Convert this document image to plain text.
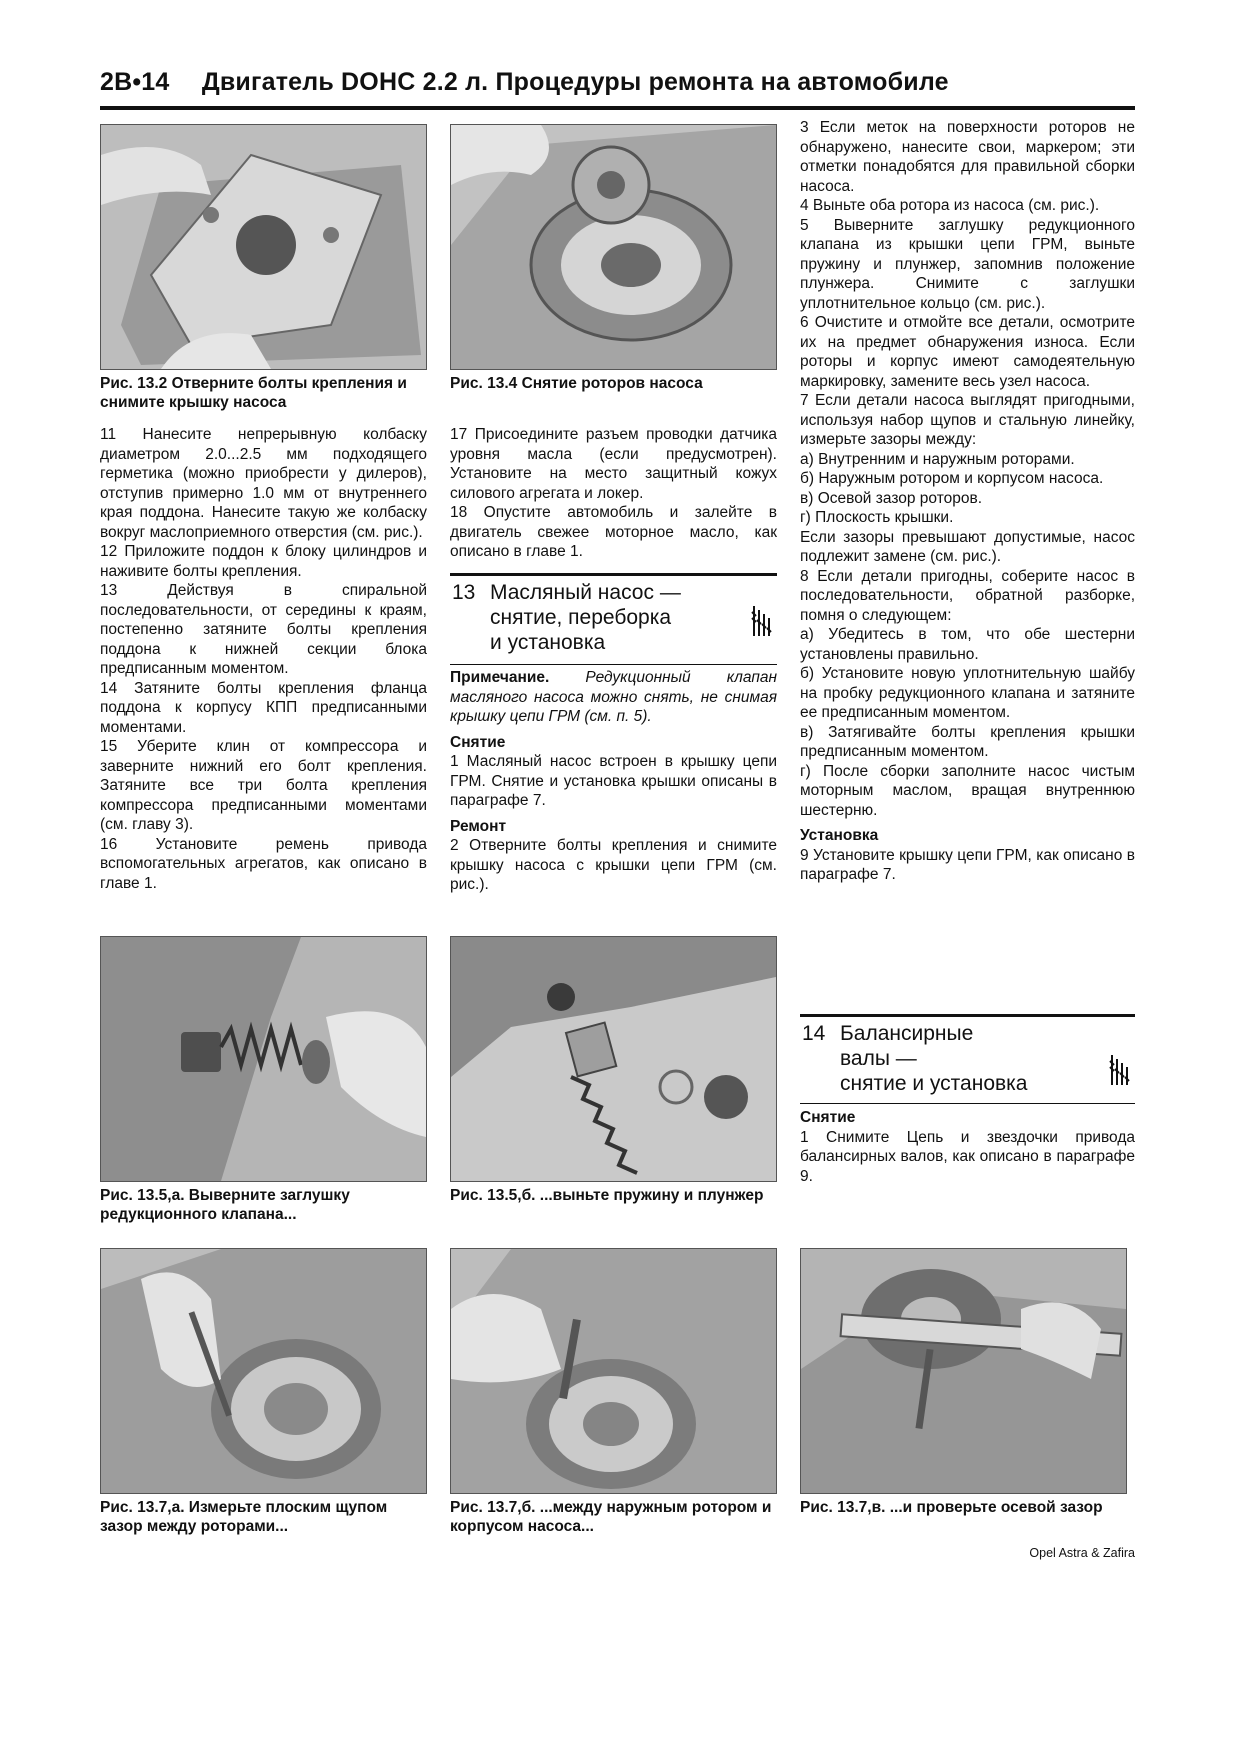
2B•14 Двигатель DOHC 2.2 л. Процедуры ремонта на автомобиле
Рис. 13.2 Отверните болты крепления и снимите крышку насоса
Рис. 13.4 Снятие роторов насоса

11 Нанесите непрерывную колбаску диаметром 2.0...2.5 мм подходящего герметика (можно приобрести у дилеров), отступив примерно 1.0 мм от внутреннего края поддона. Нанесите такую же колбаску вокруг маслоприемного отверстия (см. рис.).

12 Приложите поддон к блоку цилиндров и наживите болты крепления.

13 Действуя в спиральной последовательности, от середины к краям, постепенно затяните болты крепления поддона к нижней секции блока предписанным моментом.

14 Затяните болты крепления фланца поддона к корпусу КПП предписанными моментами.

15 Уберите клин от компрессора и заверните нижний его болт крепления. Затяните все три болта крепления компрессора предписанными моментами (см. главу 3).

16 Установите ремень привода вспомогательных агрегатов, как описано в главе 1.

17 Присоедините разъем проводки датчика уровня масла (если предусмотрен). Установите на место защитный кожух силового агрегата и локер.

18 Опустите автомобиль и залейте в двигатель свежее моторное масло, как описано в главе 1.

13 Масляный насос —
снятие, переборка
и установка

Примечание. Редукционный клапан масляного насоса можно снять, не снимая крышку цепи ГРМ (см. п. 5).

Снятие

1 Масляный насос встроен в крышку цепи ГРМ. Снятие и установка крышки описаны в параграфе 7.

Ремонт

2 Отверните болты крепления и снимите крышку насоса с крышки цепи ГРМ (см. рис.).

3 Если меток на поверхности роторов не обнаружено, нанесите свои, маркером; эти отметки понадобятся для правильной сборки насоса.

4 Выньте оба ротора из насоса (см. рис.).

5 Выверните заглушку редукционного клапана из крышки цепи ГРМ, выньте пружину и плунжер, запомнив положение плунжера. Снимите с заглушки уплотнительное кольцо (см. рис.).

6 Очистите и отмойте все детали, осмотрите их на предмет обнаружения износа. Если роторы и корпус имеют самодеятельную маркировку, замените весь узел насоса.

7 Если детали насоса выглядят пригодными, используя набор щупов и стальную линейку, измерьте зазоры между:

а) Внутренним и наружным роторами.

б) Наружным ротором и корпусом насоса.

в) Осевой зазор роторов.

г) Плоскость крышки.

Если зазоры превышают допустимые, насос подлежит замене (см. рис.).

8 Если детали пригодны, соберите насос в последовательности, обратной разборке, помня о следующем:

а) Убедитесь в том, что обе шестерни установлены правильно.

б) Установите новую уплотнительную шайбу на пробку редукционного клапана и затяните ее предписанным моментом.

в) Затягивайте болты крепления крышки предписанным моментом.

г) После сборки заполните насос чистым моторным маслом, вращая внутреннюю шестерню.

Установка

9 Установите крышку цепи ГРМ, как описано в параграфе 7.

14 Балансирные
валы —
снятие и установка

Снятие

1 Снимите Цепь и звездочки привода балансирных валов, как описано в параграфе 9.

Рис. 13.5,а. Выверните заглушку редукционного клапана...
Рис. 13.5,б. ...выньте пружину и плунжер
Рис. 13.7,а. Измерьте плоским щупом зазор между роторами...
Рис. 13.7,б. ...между наружным ротором и корпусом насоса...
Рис. 13.7,в. ...и проверьте осевой зазор
Opel Astra & Zafira
